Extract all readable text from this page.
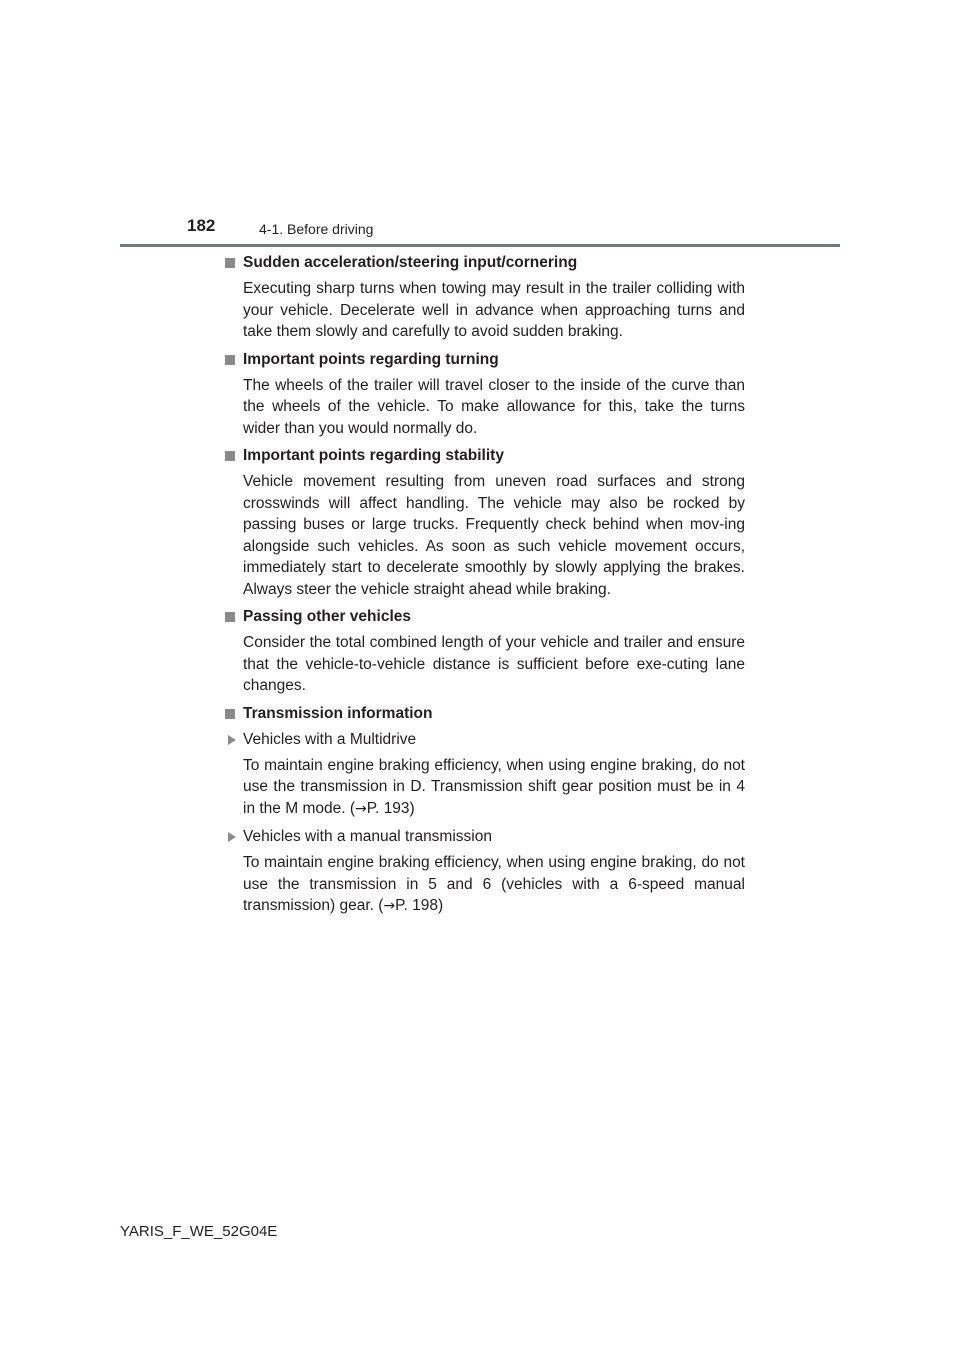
182	4-1. Before driving
Sudden acceleration/steering input/cornering

Executing sharp turns when towing may result in the trailer colliding with your vehicle. Decelerate well in advance when approaching turns and take them slowly and carefully to avoid sudden braking.

Important points regarding turning

The wheels of the trailer will travel closer to the inside of the curve than the wheels of the vehicle. To make allowance for this, take the turns wider than you would normally do.

Important points regarding stability

Vehicle movement resulting from uneven road surfaces and strong crosswinds will affect handling. The vehicle may also be rocked by passing buses or large trucks. Frequently check behind when mov-ing alongside such vehicles. As soon as such vehicle movement occurs, immediately start to decelerate smoothly by slowly applying the brakes. Always steer the vehicle straight ahead while braking.

Passing other vehicles

Consider the total combined length of your vehicle and trailer and ensure that the vehicle-to-vehicle distance is sufficient before exe-cuting lane changes.

Transmission information
Vehicles with a Multidrive

To maintain engine braking efficiency, when using engine braking, do not use the transmission in D. Transmission shift gear position must be in 4 in the M mode. (→P. 193)

Vehicles with a manual transmission

To maintain engine braking efficiency, when using engine braking, do not use the transmission in 5 and 6 (vehicles with a 6-speed manual transmission) gear. (→P. 198)

YARIS_F_WE_52G04E
